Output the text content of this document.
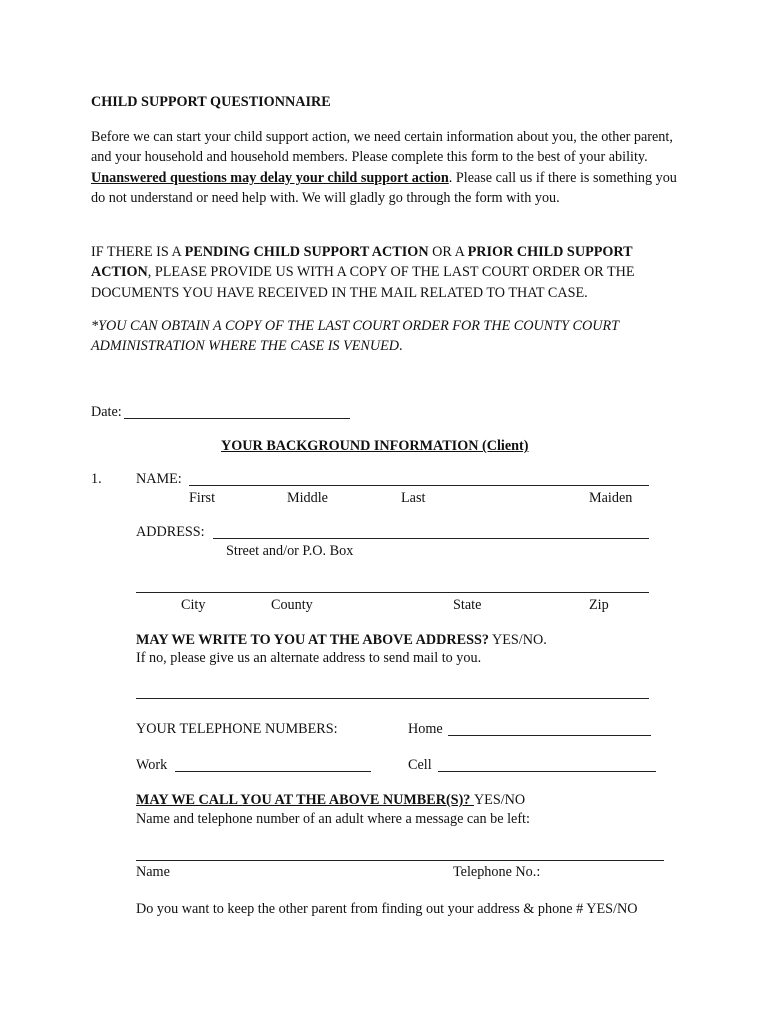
CHILD SUPPORT QUESTIONNAIRE
Before we can start your child support action, we need certain information about you, the other parent, and your household and household members. Please complete this form to the best of your ability. Unanswered questions may delay your child support action. Please call us if there is something you do not understand or need help with. We will gladly go through the form with you.
IF THERE IS A PENDING CHILD SUPPORT ACTION OR A PRIOR CHILD SUPPORT ACTION, PLEASE PROVIDE US WITH A COPY OF THE LAST COURT ORDER OR THE DOCUMENTS YOU HAVE RECEIVED IN THE MAIL RELATED TO THAT CASE.
*YOU CAN OBTAIN A COPY OF THE LAST COURT ORDER FOR THE COUNTY COURT ADMINISTRATION WHERE THE CASE IS VENUED.
Date:
YOUR BACKGROUND INFORMATION (Client)
1. NAME:
First	Middle	Last	Maiden
ADDRESS:
Street and/or P.O. Box
City	County	State	Zip
MAY WE WRITE TO YOU AT THE ABOVE ADDRESS? YES/NO.
If no, please give us an alternate address to send mail to you.
YOUR TELEPHONE NUMBERS:	Home
Work	Cell
MAY WE CALL YOU AT THE ABOVE NUMBER(S)? YES/NO
Name and telephone number of an adult where a message can be left:
Name	Telephone No.:
Do you want to keep the other parent from finding out your address & phone # YES/NO
